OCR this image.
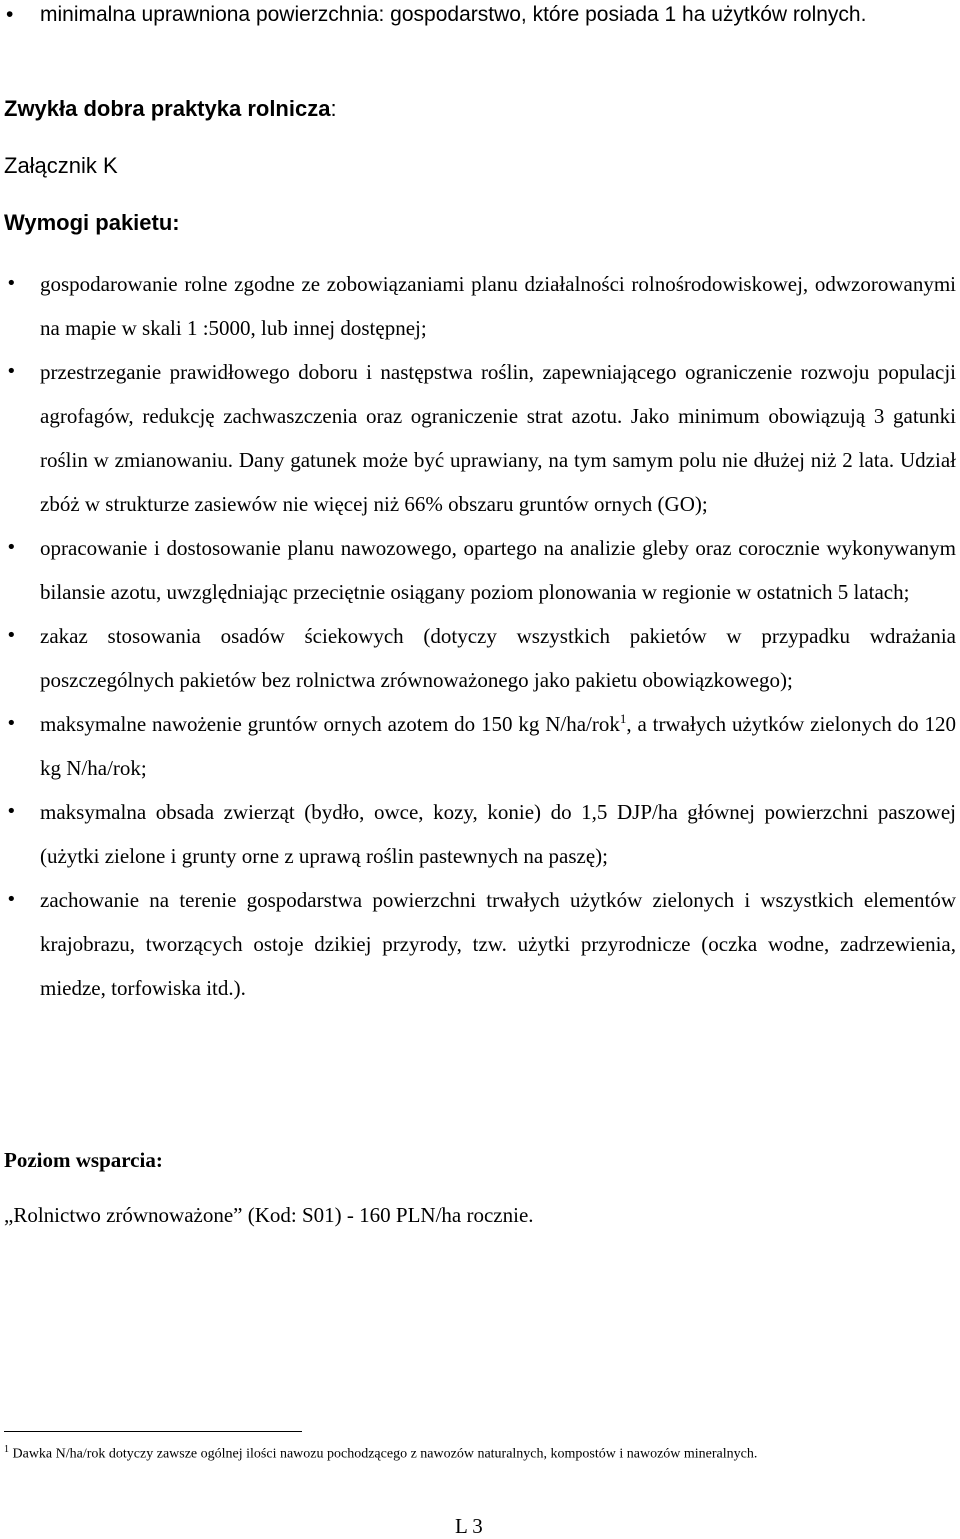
• minimalna uprawniona powierzchnia: gospodarstwo, które posiada 1 ha użytków rolnych.
Zwykła dobra praktyka rolnicza:
Załącznik K
Wymogi pakietu:
• gospodarowanie rolne zgodne ze zobowiązaniami planu działalności rolnośrodowiskowej, odwzorowanymi na mapie w skali 1 :5000, lub innej dostępnej;
• przestrzeganie prawidłowego doboru i następstwa roślin, zapewniającego ograniczenie rozwoju populacji agrofagów, redukcję zachwaszczenia oraz ograniczenie strat azotu. Jako minimum obowiązują 3 gatunki roślin w zmianowaniu. Dany gatunek może być uprawiany, na tym samym polu nie dłużej niż 2 lata. Udział zbóż w strukturze zasiewów nie więcej niż 66% obszaru gruntów ornych (GO);
• opracowanie i dostosowanie planu nawozowego, opartego na analizie gleby oraz corocznie wykonywanym bilansie azotu, uwzględniając przeciętnie osiągany poziom plonowania w regionie w ostatnich 5 latach;
• zakaz stosowania osadów ściekowych (dotyczy wszystkich pakietów w przypadku wdrażania poszczególnych pakietów bez rolnictwa zrównoważonego jako pakietu obowiązkowego);
• maksymalne nawożenie gruntów ornych azotem do 150 kg N/ha/rok$^1$, a trwałych użytków zielonych do 120 kg N/ha/rok;
• maksymalna obsada zwierząt (bydło, owce, kozy, konie) do 1,5 DJP/ha głównej powierzchni paszowej (użytki zielone i grunty orne z uprawą roślin pastewnych na paszę);
• zachowanie na terenie gospodarstwa powierzchni trwałych użytków zielonych i wszystkich elementów krajobrazu, tworzących ostoje dzikiej przyrody, tzw. użytki przyrodnicze (oczka wodne, zadrzewienia, miedze, torfowiska itd.).
Poziom wsparcia:
„Rolnictwo zrównoważone” (Kod: S01) - 160 PLN/ha rocznie.
$^1$ Dawka N/ha/rok dotyczy zawsze ogólnej ilości nawozu pochodzącego z nawozów naturalnych, kompostów i nawozów mineralnych.
L 3
